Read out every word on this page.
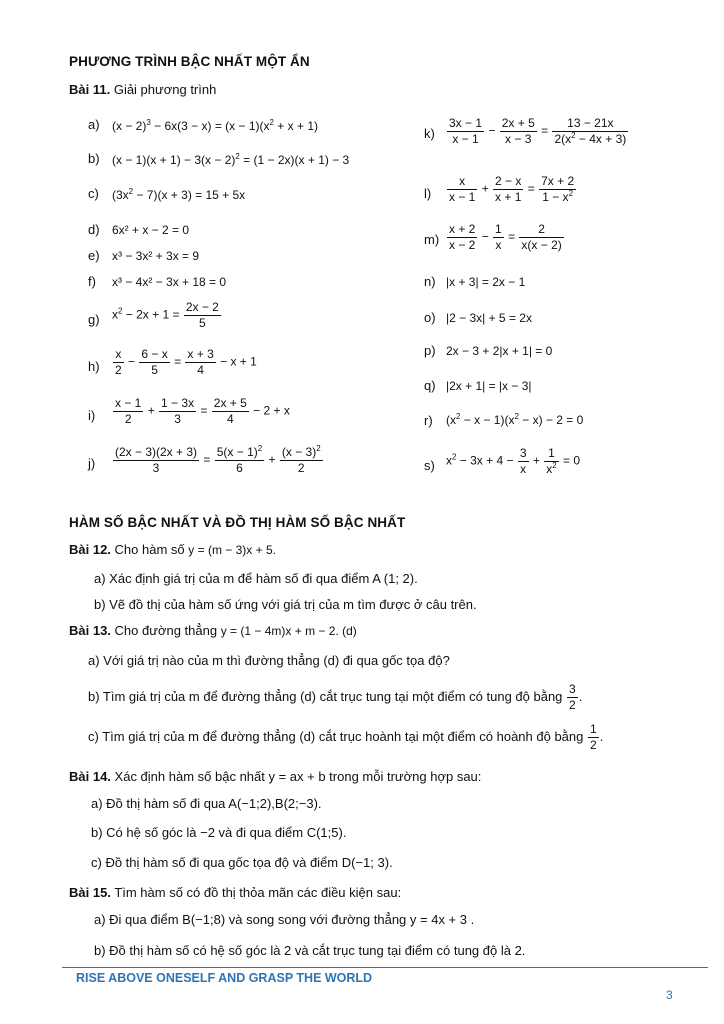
PHƯƠNG TRÌNH BẬC NHẤT MỘT ẨN
Bài 11. Giải phương trình
a) $(x - 2)^3 - 6x(3 - x) = (x - 1)(x^2 + x + 1)$
b) $(x - 1)(x + 1) - 3(x - 2)^2 = (1 - 2x)(x + 1) - 3$
c) $(3x^2 - 7)(x + 3) = 15 + 5x$
d) 6x² + x − 2 = 0
e) x³ − 3x² + 3x = 9
f) x³ − 4x² − 3x + 18 = 0
g) $x^2 - 2x + 1 = \frac{2x - 2}{5}$
$h) \frac{x}{2} - \frac{6 - x}{5} = \frac{x + 3}{4} - x + 1$
$i) \frac{x - 1}{2} + \frac{1 - 3x}{3} = \frac{2x + 5}{4} - 2 + x$
$j) \frac{(2x - 3)(2x + 3)}{3} = \frac{5(x - 1)^2}{6} + \frac{(x - 3)^2}{2}$
$k) \frac{3x - 1}{x - 1} - \frac{2x + 5}{x - 3} = \frac{13 - 21x}{2(x^2 - 4x + 3)}$
$l) \frac{x}{x - 1} + \frac{2 - x}{x + 1} = \frac{7x + 2}{1 - x^2}$
$m) \frac{x + 2}{x - 2} - \frac{1}{x} = \frac{2}{x(x - 2)}$
n) |x + 3| = 2x − 1
o) |2 − 3x| + 5 = 2x
p) 2x − 3 + 2|x + 1| = 0
q) |2x + 1| = |x − 3|
r) $(x^2 - x - 1)(x^2 - x) - 2 = 0$
s) $x^2 - 3x + 4 - \frac{3}{x} + \frac{1}{x^2} = 0$
HÀM SỐ BẬC NHẤT VÀ ĐỒ THỊ HÀM SỐ BẬC NHẤT
Bài 12. Cho hàm số y = (m − 3)x + 5.
a) Xác định giá trị của m để hàm số đi qua điểm A (1; 2).
b) Vẽ đồ thị của hàm số ứng với giá trị của m tìm được ở câu trên.
Bài 13. Cho đường thẳng y = (1 − 4m)x + m − 2. (d)
a) Với giá trị nào của m thì đường thẳng (d) đi qua gốc tọa độ?
b) Tìm giá trị của m để đường thẳng (d) cắt trục tung tại một điểm có tung độ bằng $\frac{3}{2}$ .
c) Tìm giá trị của m để đường thẳng (d) cắt trục hoành tại một điểm có hoành độ bằng $\frac{1}{2}$ .
Bài 14. Xác định hàm số bậc nhất y = ax + b trong mỗi trường hợp sau:
a) Đồ thị hàm số đi qua A(−1;2),B(2;−3).
b) Có hệ số góc là −2 và đi qua điểm C(1;5).
c) Đồ thị hàm số đi qua gốc tọa độ và điểm D(−1; 3).
Bài 15. Tìm hàm số có đồ thị thỏa mãn các điều kiện sau:
a) Đi qua điểm B(−1;8) và song song với đường thẳng y = 4x + 3 .
b) Đồ thị hàm số có hệ số góc là 2 và cắt trục tung tại điểm có tung độ là 2.
RISE ABOVE ONESELF AND GRASP THE WORLD
3
